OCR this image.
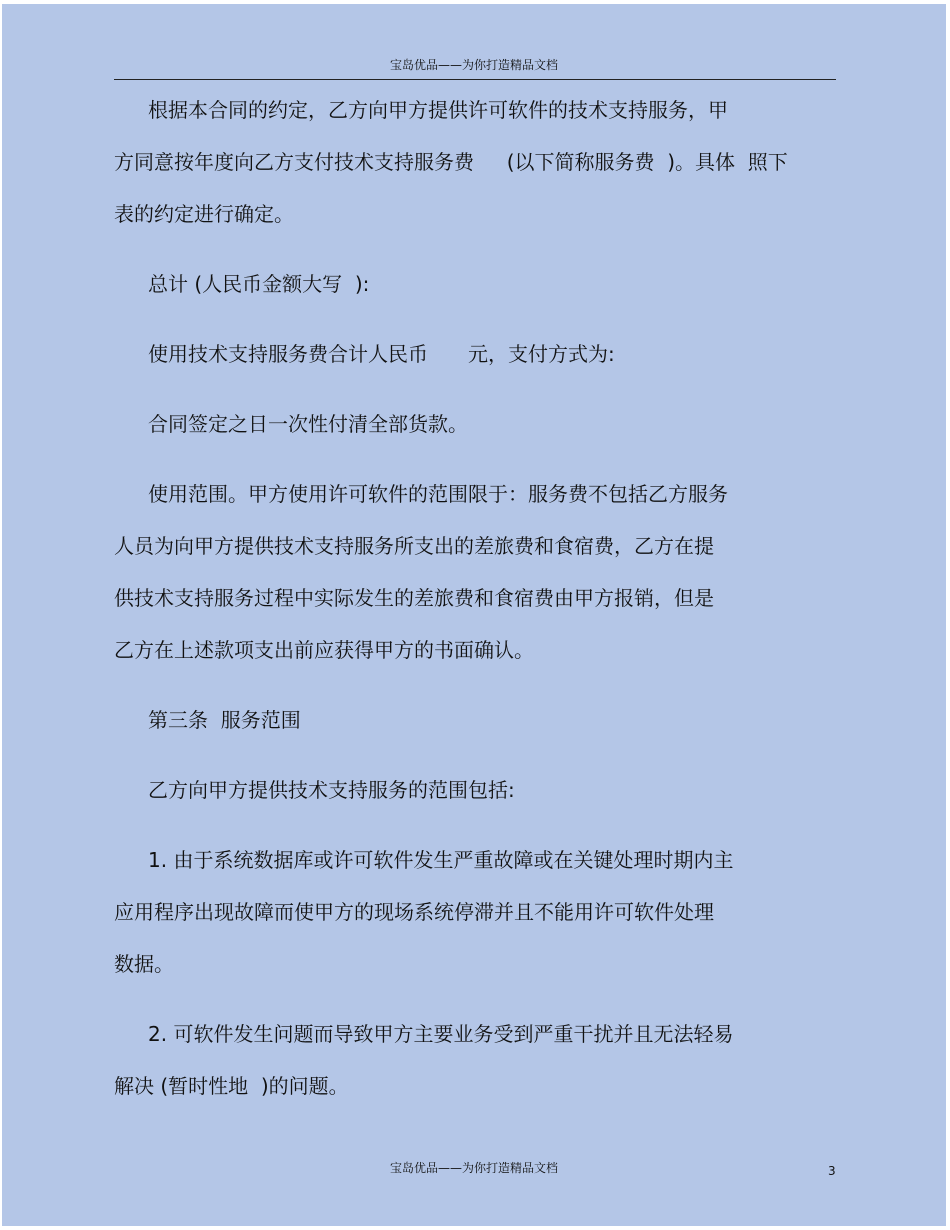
宝岛优品——为你打造精品文档
根据本合同的约定，乙方向甲方提供许可软件的技术支持服务，甲
方同意按年度向乙方支付技术支持服务费　  (以下简称服务费  )。具体  照下
表的约定进行确定。
总计 (人民币金额大写  ):
使用技术支持服务费合计人民币　　元，支付方式为:
合同签定之日一次性付清全部货款。
使用范围。甲方使用许可软件的范围限于：服务费不包括乙方服务
人员为向甲方提供技术支持服务所支出的差旅费和食宿费，乙方在提
供技术支持服务过程中实际发生的差旅费和食宿费由甲方报销，但是
乙方在上述款项支出前应获得甲方的书面确认。
第三条  服务范围
乙方向甲方提供技术支持服务的范围包括:
1. 由于系统数据库或许可软件发生严重故障或在关键处理时期内主
应用程序出现故障而使甲方的现场系统停滞并且不能用许可软件处理
数据。
2. 可软件发生问题而导致甲方主要业务受到严重干扰并且无法轻易
解决 (暂时性地  )的问题。
宝岛优品——为你打造精品文档	3
